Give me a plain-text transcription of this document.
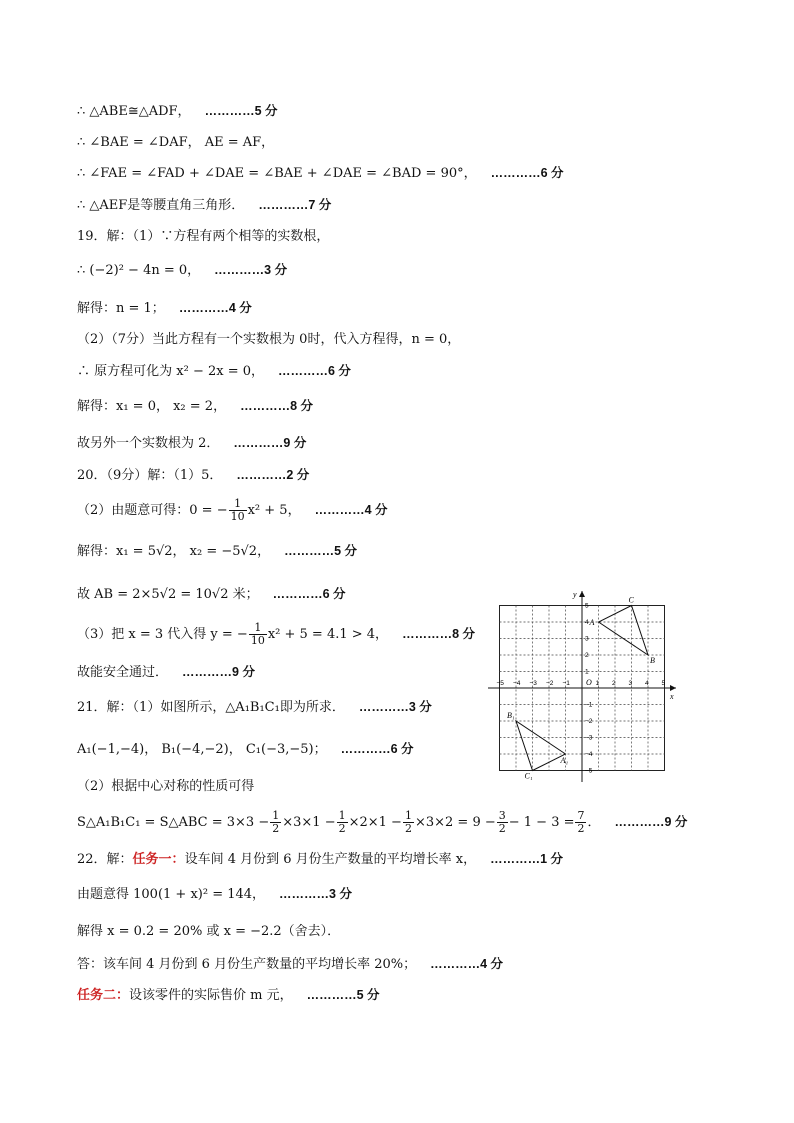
∴ △ABE≅△ADF， …………5 分
∴ ∠BAE = ∠DAF， AE = AF，
∴ ∠FAE = ∠FAD + ∠DAE = ∠BAE + ∠DAE = ∠BAD = 90°， …………6 分
∴ △AEF是等腰直角三角形． …………7 分
19．解：（1）∵方程有两个相等的实数根，
∴ (−2)² − 4n = 0， …………3 分
解得：n = 1； …………4 分
（2）（7分）当此方程有一个实数根为 0时，代入方程得，n = 0，
∴ 原方程可化为 x² − 2x = 0， …………6 分
解得：x₁ = 0， x₂ = 2， …………8 分
故另外一个实数根为 2． …………9 分
20．（9分）解：（1）5． …………2 分
（2）由题意可得：0 = − $\frac{1}{10} x^2 + 5$， …………4 分
解得：x₁ = 5√2， x₂ = −5√2， …………5 分
故 AB = 2×5√2 = 10√2 米； …………6 分
（3）把 x = 3 代入得 y = − $\frac{1}{10} x^2 + 5 = 4.1 > 4$， …………8 分
故能安全通过． …………9 分
21．解：（1）如图所示，△A₁B₁C₁即为所求． …………3 分
A₁(−1,−4)， B₁(−4,−2)， C₁(−3,−5)； …………6 分
（2）根据中心对称的性质可得
S△A₁B₁C₁ = S△ABC = $3\times 3 - \frac{1}{2} \times 3\times 1 - \frac{1}{2} \times 2\times 1 - \frac{1}{2} \times 3\times 2 = 9 - \frac{3}{2} - 1 - 3 = \frac{7}{2}$ ． …………9 分
22．解：任务一：设车间 4 月份到 6 月份生产数量的平均增长率 x， …………1 分
由题意得 100(1 + x)² = 144， …………3 分
解得 x = 0.2 = 20% 或 x = −2.2（舍去）．
答：该车间 4 月份到 6 月份生产数量的平均增长率 20%； …………4 分
任务二：设该零件的实际售价 m 元， …………5 分
x
y
O
−5 −4 −3 −2 −1	1 2 3 4 5
5
4
3
2
1
−1
−2
−3
−4
−5
A
B
C
A₁
B₁
C₁
